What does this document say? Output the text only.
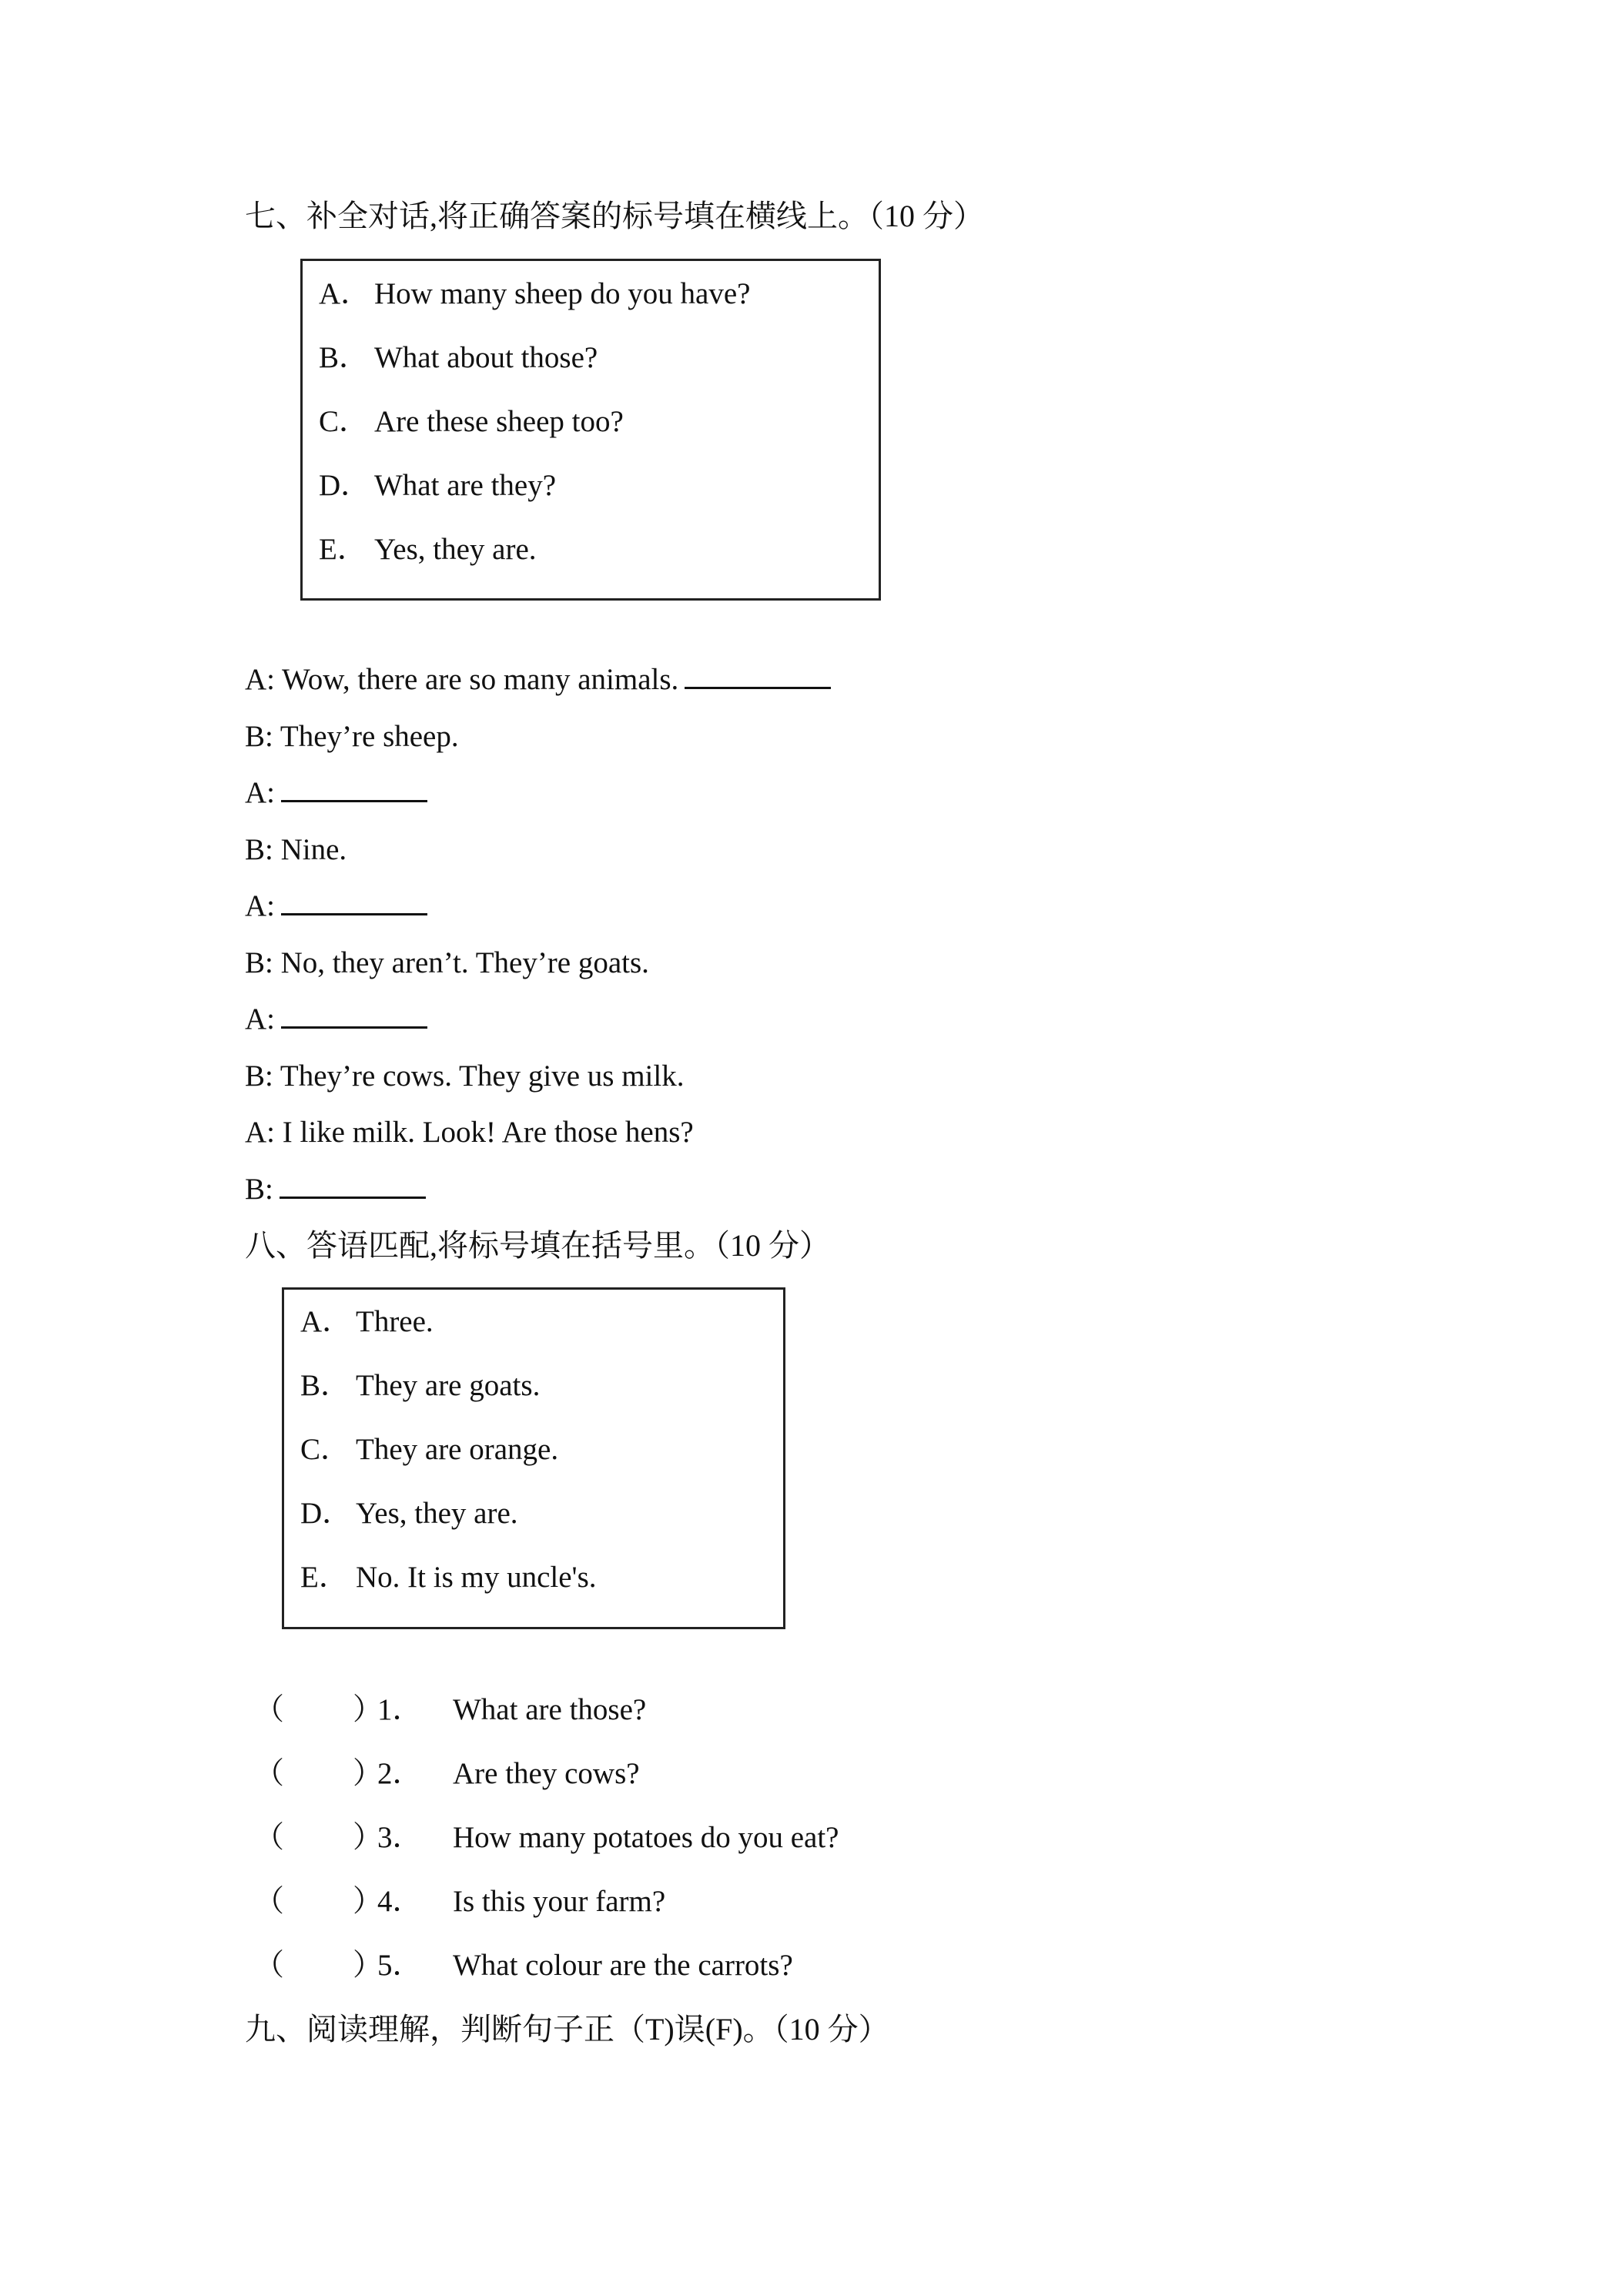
七、补全对话,将正确答案的标号填在横线上。（10 分）
A． How many sheep do you have?
B． What about those?
C． Are these sheep too?
D． What are they?
E． Yes, they are.
A: Wow, there are so many animals.
B: They’re sheep.
A:
B: Nine.
A:
B: No, they aren’t. They’re goats.
A:
B: They’re cows. They give us milk.
A: I like milk. Look! Are those hens?
B:
八、答语匹配,将标号填在括号里。（10 分）
A． Three.
B． They are goats.
C． They are orange.
D． Yes, they are.
E． No. It is my uncle's.
（ ）
1． What are those?
（ ）
2． Are they cows?
（ ）
3． How many potatoes do you eat?
（ ）
4． Is this your farm?
（ ）
5． What colour are the carrots?
九、阅读理解，判断句子正（T)误(F)。（10 分）
